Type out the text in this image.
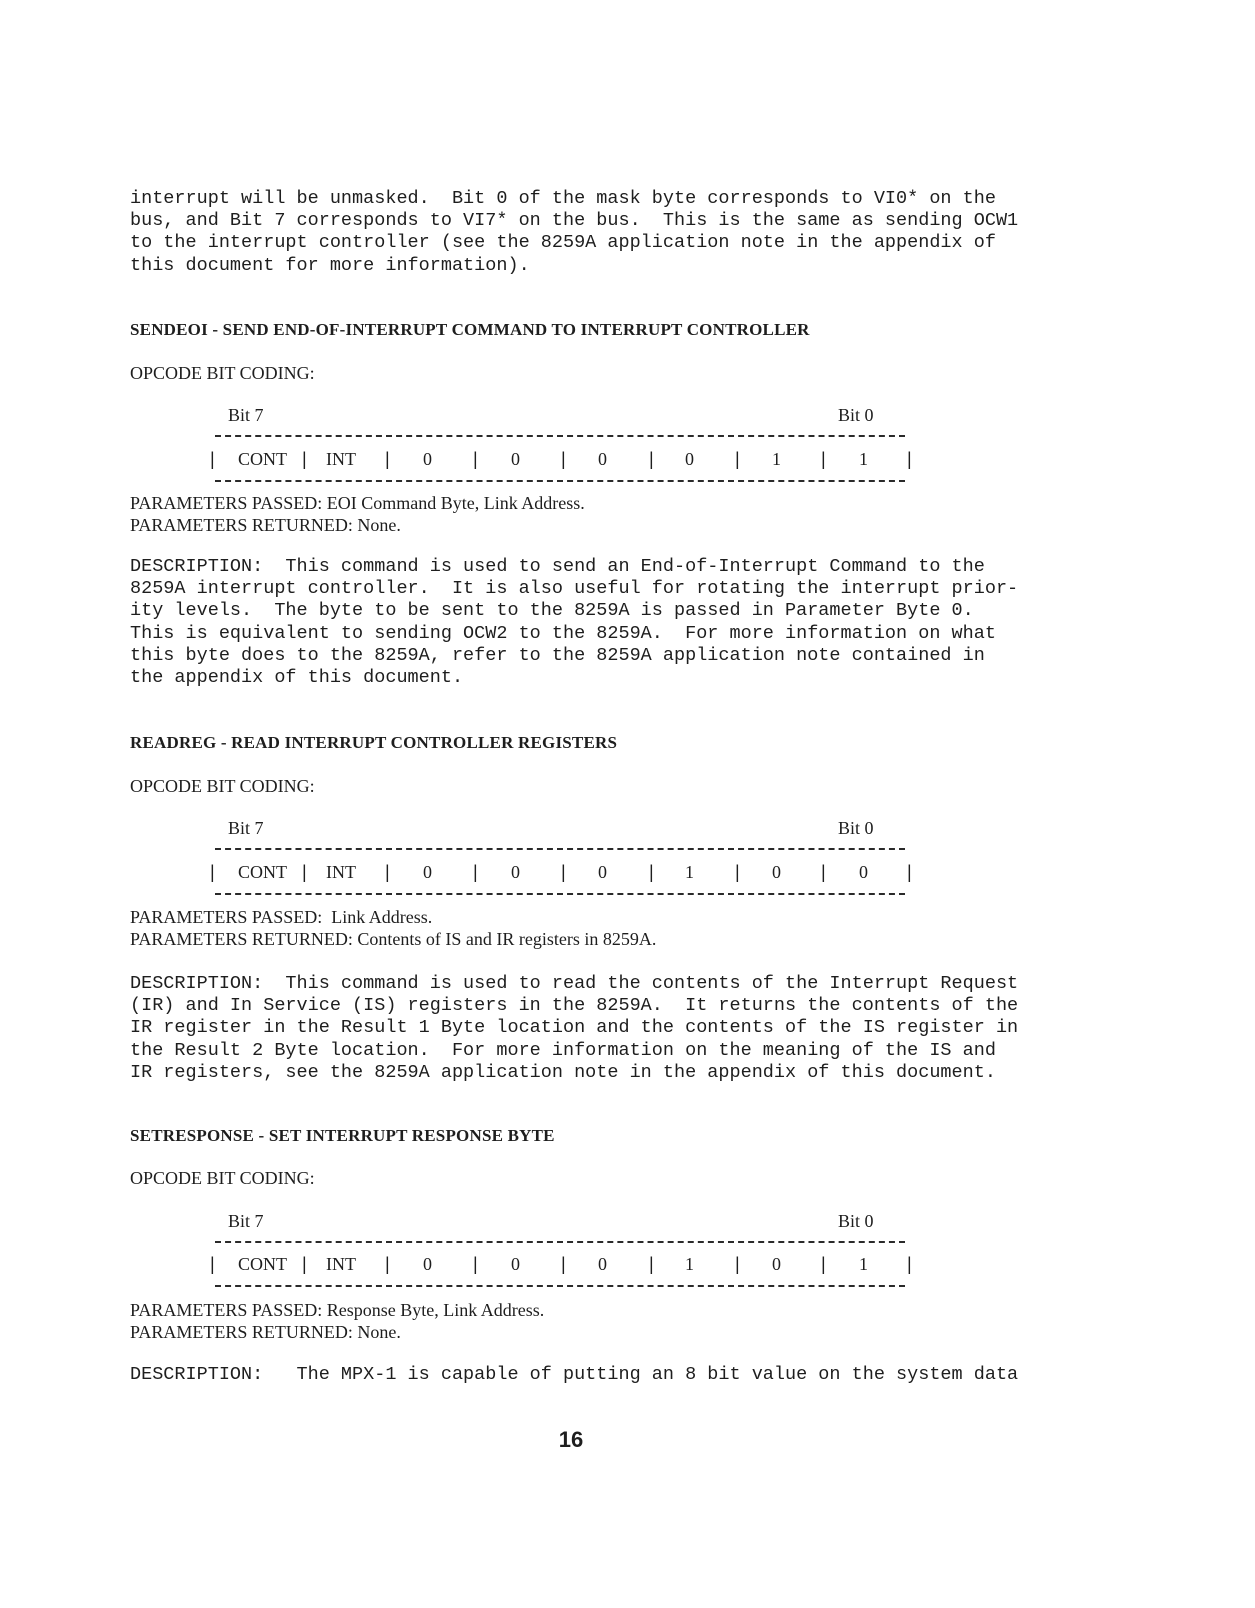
interrupt will be unmasked.  Bit 0 of the mask byte corresponds to VI0* on the

bus, and Bit 7 corresponds to VI7* on the bus.  This is the same as sending OCW1

to the interrupt controller (see the 8259A application note in the appendix of

this document for more information).

SENDEOI - SEND END-OF-INTERRUPT COMMAND TO INTERRUPT CONTROLLER
OPCODE BIT CODING:
Bit 7	Bit 0
| CONT | INT | 0 | 0 | 0 | 0 | 1 | 1 |
PARAMETERS PASSED: EOI Command Byte, Link Address.
PARAMETERS RETURNED: None.

DESCRIPTION:  This command is used to send an End-of-Interrupt Command to the

8259A interrupt controller.  It is also useful for rotating the interrupt prior-

ity levels.  The byte to be sent to the 8259A is passed in Parameter Byte 0.

This is equivalent to sending OCW2 to the 8259A.  For more information on what

this byte does to the 8259A, refer to the 8259A application note contained in

the appendix of this document.

READREG - READ INTERRUPT CONTROLLER REGISTERS
OPCODE BIT CODING:
Bit 7	Bit 0
| CONT | INT | 0 | 0 | 0 | 1 | 0 | 0 |
PARAMETERS PASSED:  Link Address.
PARAMETERS RETURNED: Contents of IS and IR registers in 8259A.

DESCRIPTION:  This command is used to read the contents of the Interrupt Request

(IR) and In Service (IS) registers in the 8259A.  It returns the contents of the

IR register in the Result 1 Byte location and the contents of the IS register in

the Result 2 Byte location.  For more information on the meaning of the IS and

IR registers, see the 8259A application note in the appendix of this document.

SETRESPONSE - SET INTERRUPT RESPONSE BYTE
OPCODE BIT CODING:
Bit 7	Bit 0
| CONT | INT | 0 | 0 | 0 | 1 | 0 | 1 |
PARAMETERS PASSED: Response Byte, Link Address.
PARAMETERS RETURNED: None.

DESCRIPTION:   The MPX-1 is capable of putting an 8 bit value on the system data

16
